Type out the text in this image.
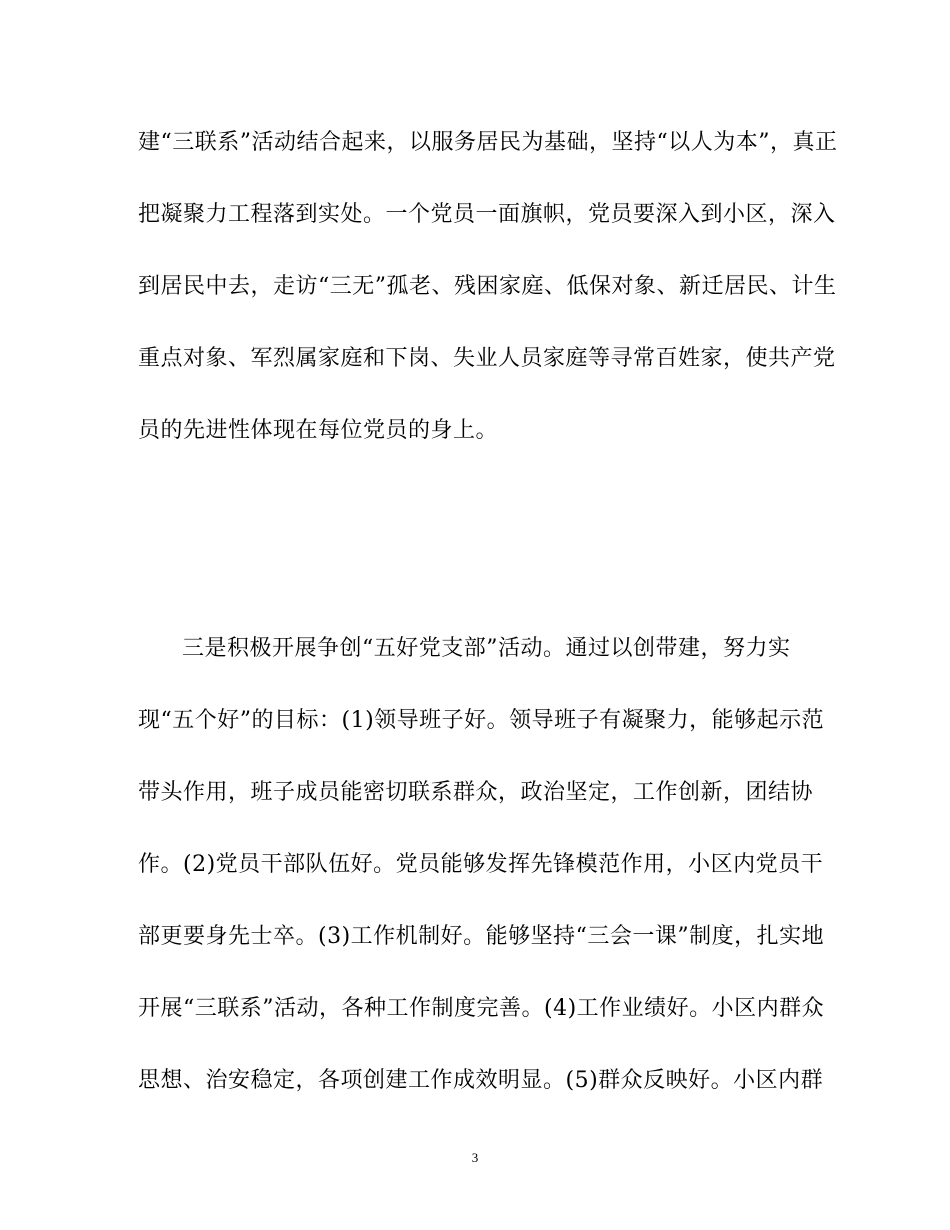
建“三联系”活动结合起来，以服务居民为基础，坚持“以人为本”，真正
把凝聚力工程落到实处。一个党员一面旗帜，党员要深入到小区，深入
到居民中去，走访“三无”孤老、残困家庭、低保对象、新迁居民、计生
重点对象、军烈属家庭和下岗、失业人员家庭等寻常百姓家，使共产党
员的先进性体现在每位党员的身上。
三是积极开展争创“五好党支部”活动。通过以创带建，努力实
现“五个好”的目标：(1)领导班子好。领导班子有凝聚力，能够起示范
带头作用，班子成员能密切联系群众，政治坚定，工作创新，团结协
作。(2)党员干部队伍好。党员能够发挥先锋模范作用，小区内党员干
部更要身先士卒。(3)工作机制好。能够坚持“三会一课”制度，扎实地
开展“三联系”活动，各种工作制度完善。(4)工作业绩好。小区内群众
思想、治安稳定，各项创建工作成效明显。(5)群众反映好。小区内群
3
